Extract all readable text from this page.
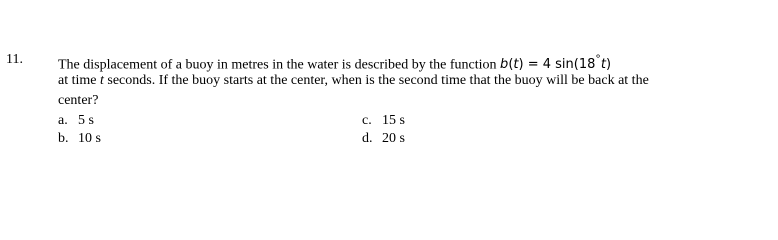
11.	The displacement of a buoy in metres in the water is described by the function b(t) = 4 sin(18°t)
at time t seconds. If the buoy starts at the center, when is the second time that the buoy will be back at the
center?
a. 5 s
b. 10 s
c. 15 s
d. 20 s
